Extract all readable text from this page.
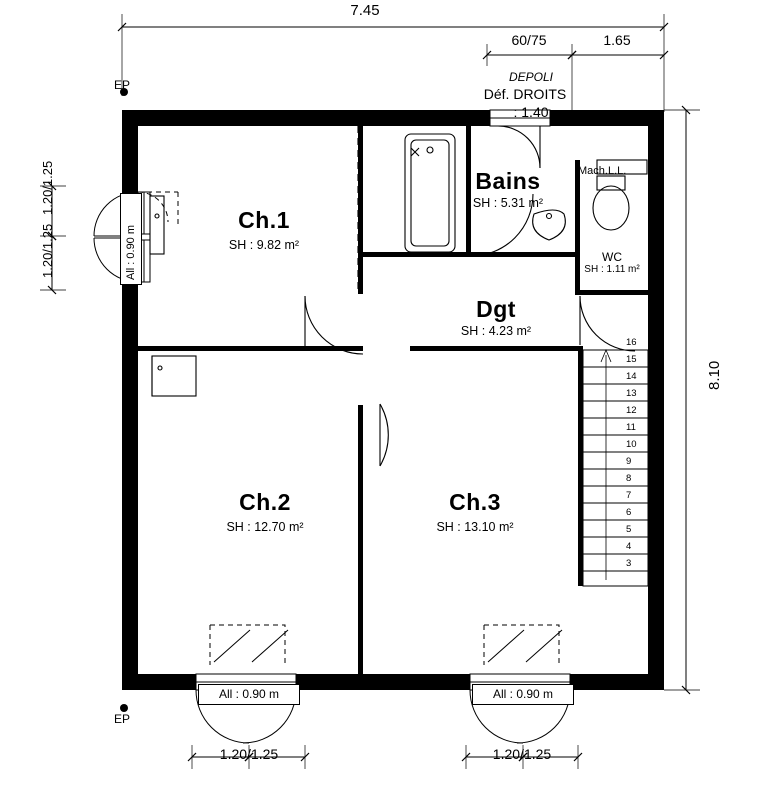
7.45
60/75	1.65
8.10
1.20/1.25
1.20/1.25
1.20/1.25	1.20/1.25
EP
EP
DEPOLI
Déf. DROITS
: 1.40
Mach.L.L.
Ch.1
SH : 9.82 m²
Bains
SH : 5.31 m²
WC
SH : 1.11 m²
Dgt
SH : 4.23 m²
Ch.2
SH : 12.70 m²
Ch.3
SH : 13.10 m²
All : 0.90 m
All : 0.90 m	All : 0.90 m
16
15
14
13
12
11
10
9
8
7
6
5
4
3
